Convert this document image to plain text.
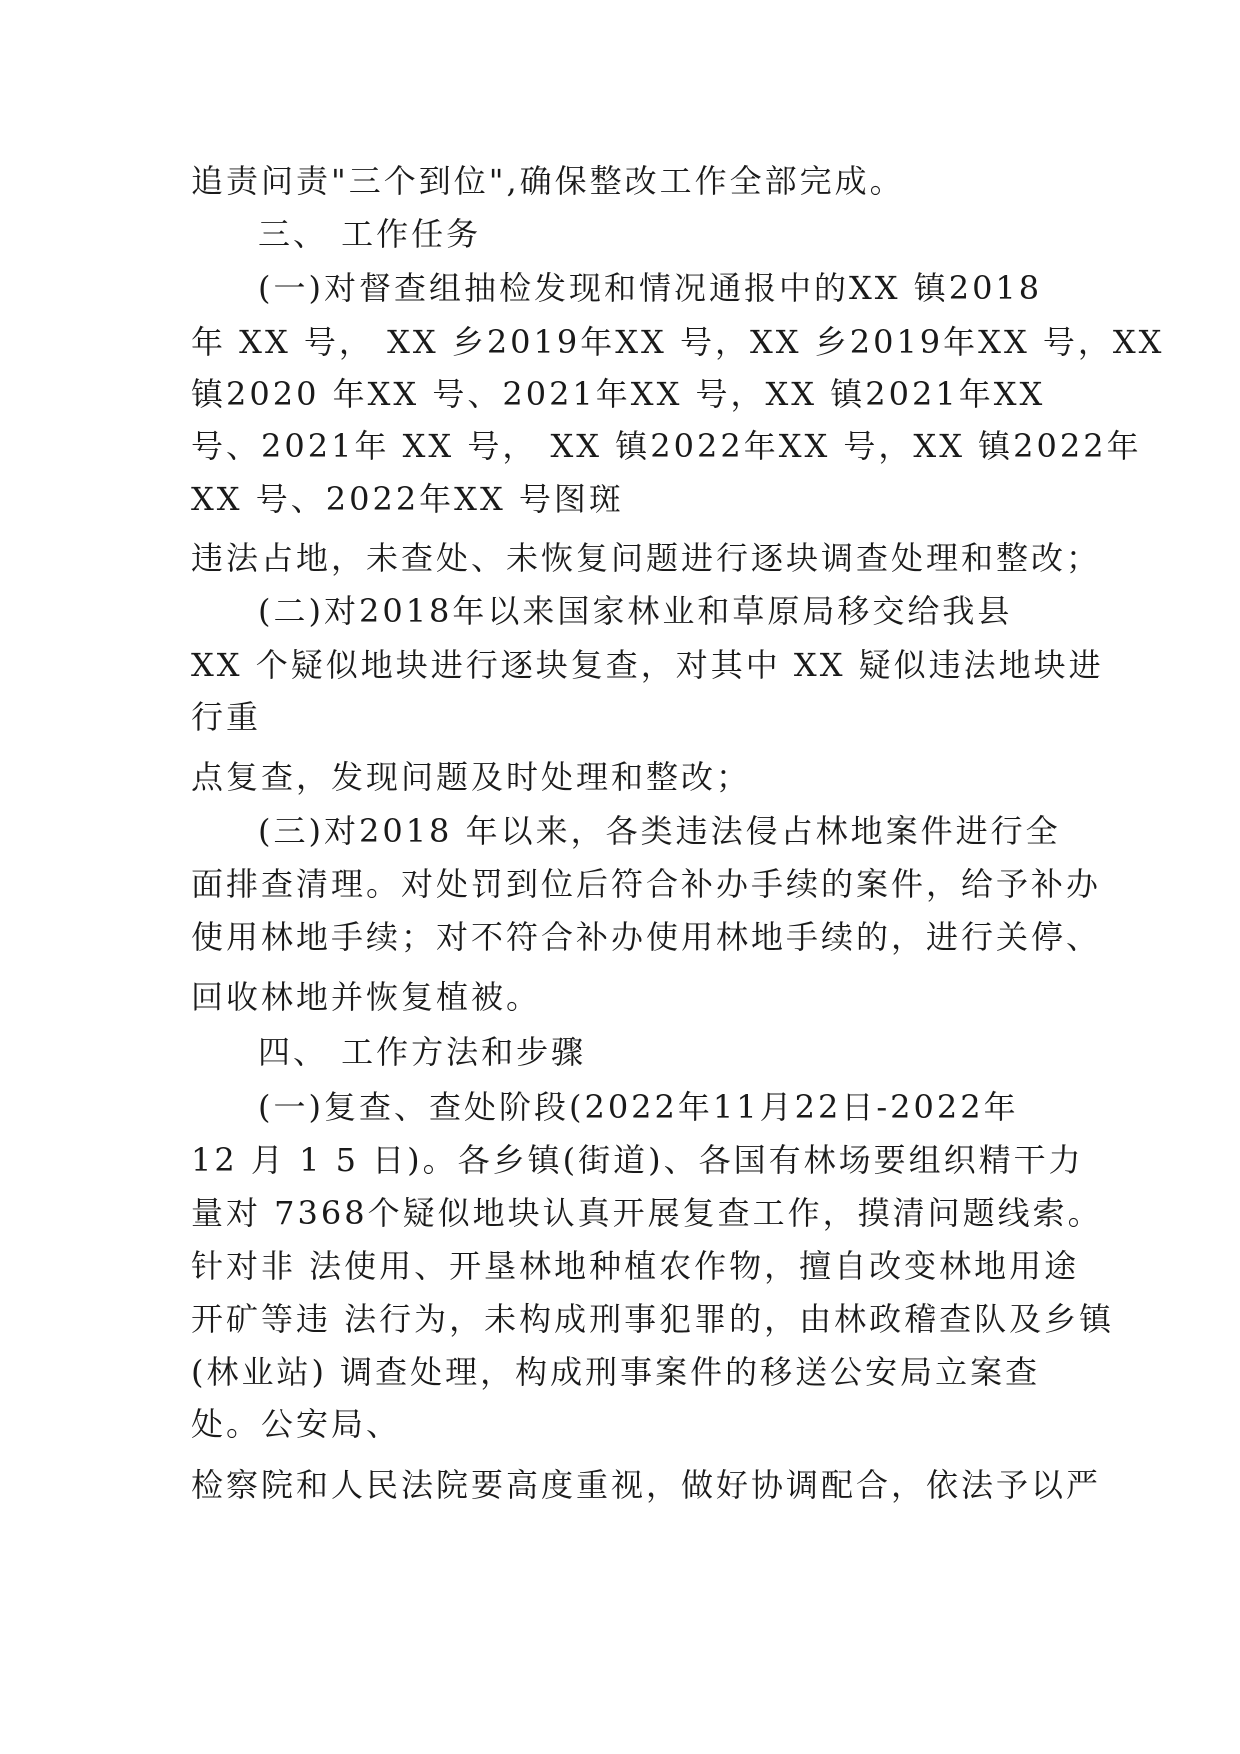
追责问责"三个到位",确保整改工作全部完成。
三、 工作任务
(一)对督查组抽检发现和情况通报中的XX 镇2018
年 XX 号， XX 乡2019年XX 号，XX 乡2019年XX 号，XX
镇2020 年XX 号、2021年XX 号，XX 镇2021年XX
号、2021年 XX 号， XX 镇2022年XX 号，XX 镇2022年
XX 号、2022年XX 号图斑
违法占地，未查处、未恢复问题进行逐块调查处理和整改；
(二)对2018年以来国家林业和草原局移交给我县
XX 个疑似地块进行逐块复查，对其中 XX 疑似违法地块进
行重
点复查，发现问题及时处理和整改；
(三)对2018 年以来，各类违法侵占林地案件进行全
面排查清理。对处罚到位后符合补办手续的案件，给予补办
使用林地手续；对不符合补办使用林地手续的，进行关停、
回收林地并恢复植被。
四、 工作方法和步骤
(一)复查、查处阶段(2022年11月22日-2022年
12 月 1 5 日)。各乡镇(街道)、各国有林场要组织精干力
量对 7368个疑似地块认真开展复查工作，摸清问题线索。
针对非 法使用、开垦林地种植农作物，擅自改变林地用途
开矿等违 法行为，未构成刑事犯罪的，由林政稽查队及乡镇
(林业站) 调查处理，构成刑事案件的移送公安局立案查
处。公安局、
检察院和人民法院要高度重视，做好协调配合，依法予以严
